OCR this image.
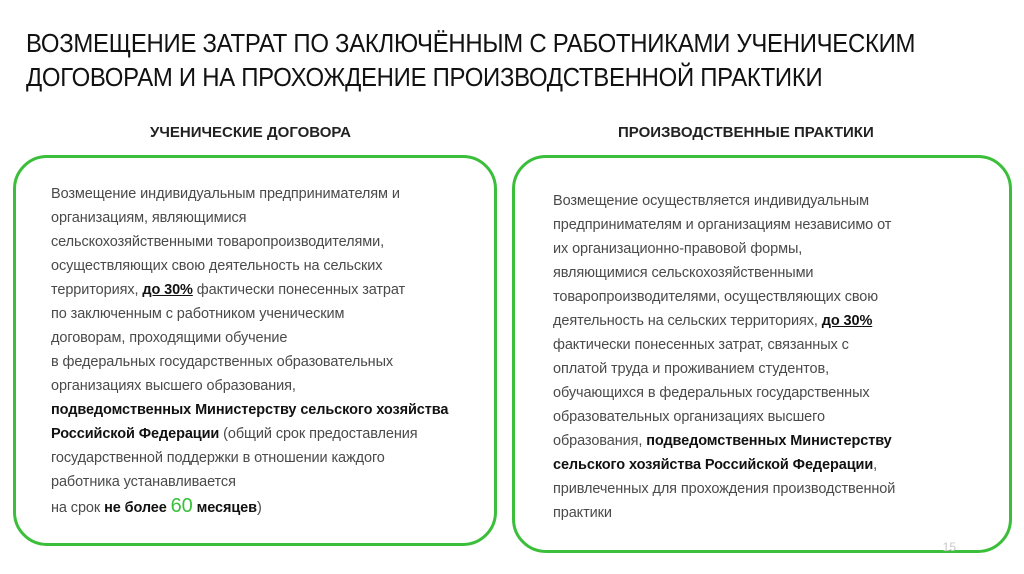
ВОЗМЕЩЕНИЕ ЗАТРАТ ПО ЗАКЛЮЧЁННЫМ С РАБОТНИКАМИ УЧЕНИЧЕСКИМ
ДОГОВОРАМ И НА ПРОХОЖДЕНИЕ ПРОИЗВОДСТВЕННОЙ ПРАКТИКИ
УЧЕНИЧЕСКИЕ ДОГОВОРА	ПРОИЗВОДСТВЕННЫЕ ПРАКТИКИ
Возмещение индивидуальным предпринимателям и
организациям, являющимися
сельскохозяйственными товаропроизводителями,
осуществляющих свою деятельность на сельских
территориях, до 30% фактически понесенных затрат
по заключенным с работником ученическим
договорам, проходящими обучение
в федеральных государственных образовательных
организациях высшего образования,
подведомственных Министерству сельского хозяйства
Российской Федерации (общий срок предоставления
государственной поддержки в отношении каждого
работника устанавливается
на срок не более 60 месяцев)
Возмещение осуществляется индивидуальным
предпринимателям и организациям независимо от
их организационно-правовой формы,
являющимися сельскохозяйственными
товаропроизводителями, осуществляющих свою
деятельность на сельских территориях, до 30%
фактически понесенных затрат, связанных с
оплатой труда и проживанием студентов,
обучающихся в федеральных государственных
образовательных организациях высшего
образования, подведомственных Министерству
сельского хозяйства Российской Федерации,
привлеченных для прохождения производственной
практики
15
